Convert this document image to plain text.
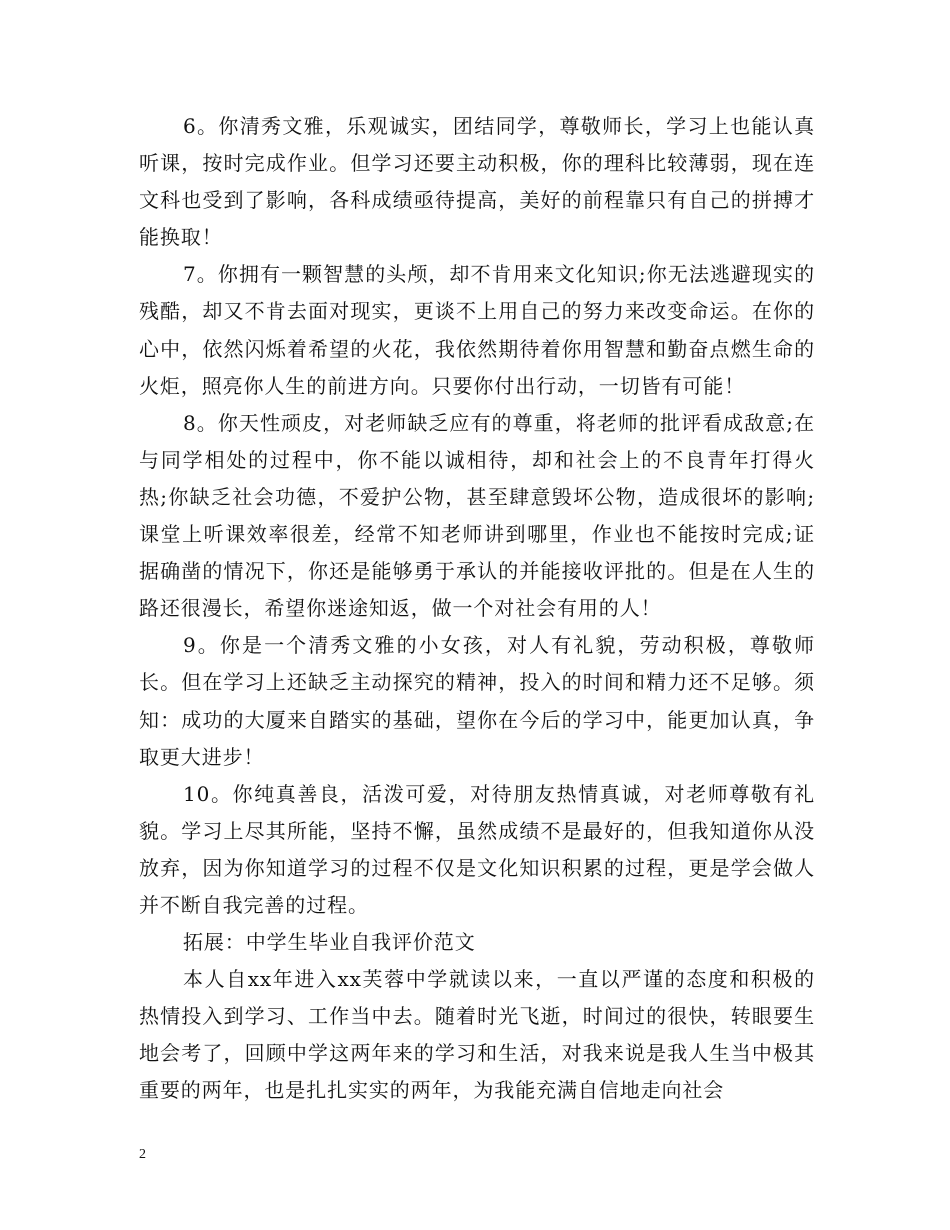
6。你清秀文雅，乐观诚实，团结同学，尊敬师长，学习上也能认真听课，按时完成作业。但学习还要主动积极，你的理科比较薄弱，现在连文科也受到了影响，各科成绩亟待提高，美好的前程靠只有自己的拼搏才能换取！

7。你拥有一颗智慧的头颅，却不肯用来文化知识;你无法逃避现实的残酷，却又不肯去面对现实，更谈不上用自己的努力来改变命运。在你的心中，依然闪烁着希望的火花，我依然期待着你用智慧和勤奋点燃生命的火炬，照亮你人生的前进方向。只要你付出行动，一切皆有可能！

8。你天性顽皮，对老师缺乏应有的尊重，将老师的批评看成敌意;在与同学相处的过程中，你不能以诚相待，却和社会上的不良青年打得火热;你缺乏社会功德，不爱护公物，甚至肆意毁坏公物，造成很坏的影响;课堂上听课效率很差，经常不知老师讲到哪里，作业也不能按时完成;证据确凿的情况下，你还是能够勇于承认的并能接收评批的。但是在人生的路还很漫长，希望你迷途知返，做一个对社会有用的人！

9。你是一个清秀文雅的小女孩，对人有礼貌，劳动积极，尊敬师长。但在学习上还缺乏主动探究的精神，投入的时间和精力还不足够。须知：成功的大厦来自踏实的基础，望你在今后的学习中，能更加认真，争取更大进步！

10。你纯真善良，活泼可爱，对待朋友热情真诚，对老师尊敬有礼貌。学习上尽其所能，坚持不懈，虽然成绩不是最好的，但我知道你从没放弃，因为你知道学习的过程不仅是文化知识积累的过程，更是学会做人并不断自我完善的过程。

拓展：中学生毕业自我评价范文

本人自xx年进入xx芙蓉中学就读以来，一直以严谨的态度和积极的热情投入到学习、工作当中去。随着时光飞逝，时间过的很快，转眼要生地会考了，回顾中学这两年来的学习和生活，对我来说是我人生当中极其重要的两年，也是扎扎实实的两年，为我能充满自信地走向社会

2
